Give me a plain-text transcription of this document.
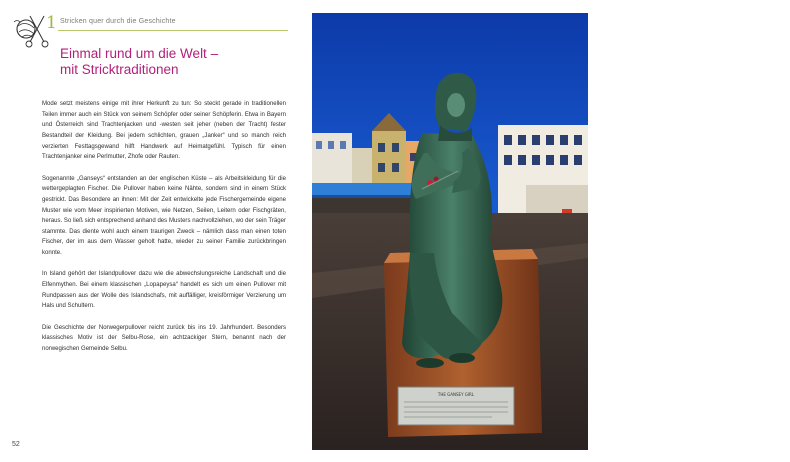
1 Stricken quer durch die Geschichte
Einmal rund um die Welt –
mit Stricktraditionen

Mode setzt meistens einige mit ihrer Herkunft zu tun: So steckt gerade in traditionellen Teilen immer auch ein Stück von seinem Schöpfer oder seiner Schöpferin. Etwa in Bayern und Österreich sind Trachtenjacken und -westen seit jeher (neben der Tracht) fester Bestandteil der Kleidung. Bei jedem schlichten, grauen „Janker“ und so manch reich verzierten Festtagsgewand hilft Handwerk auf Heimatgefühl. Typisch für einen Trachtenjanker eine Perlmutter, Zhofe oder Rauten.

Sogenannte „Ganseys“ entstanden an der englischen Küste – als Arbeitskleidung für die wettergeplagten Fischer. Die Pullover haben keine Nähte, sondern sind in einem Stück gestrickt. Das Besondere an ihnen: Mit der Zeit entwickelte jede Fischergemeinde eigene Muster wie vom Meer inspirierten Motiven, wie Netzen, Seilen, Leitern oder Fischgräten, heraus. So ließ sich entsprechend anhand des Musters nachvollziehen, wo der sein Träger stammte. Das diente wohl auch einem traurigen Zweck – nämlich dass man einen toten Fischer, der im aus dem Wasser geholt hatte, wieder zu seiner Familie zurückbringen konnte.

In Island gehört der Islandpullover dazu wie die abwechslungsreiche Landschaft und die Elfenmythen. Bei einem klassischen „Lopapeysa“ handelt es sich um einen Pullover mit Rundpassen aus der Wolle des Islandschafs, mit auffälliger, kreisförmiger Verzierung um Hals und Schultern.

Die Geschichte der Norwegerpullover reicht zurück bis ins 19. Jahrhundert. Besonders klassisches Motiv ist der Selbu-Rose, ein achtzackiger Stern, benannt nach der norwegischen Gemeinde Selbu.

52
THE GANSEY GIRL
Die Statue des Gansey Girl von Stephen D. Carvill zeigt eine junge Frau, die einen Fischergansey strickt, während sie darauf wartet, dass ihr Liebster vom Meer zurückkehrt.
